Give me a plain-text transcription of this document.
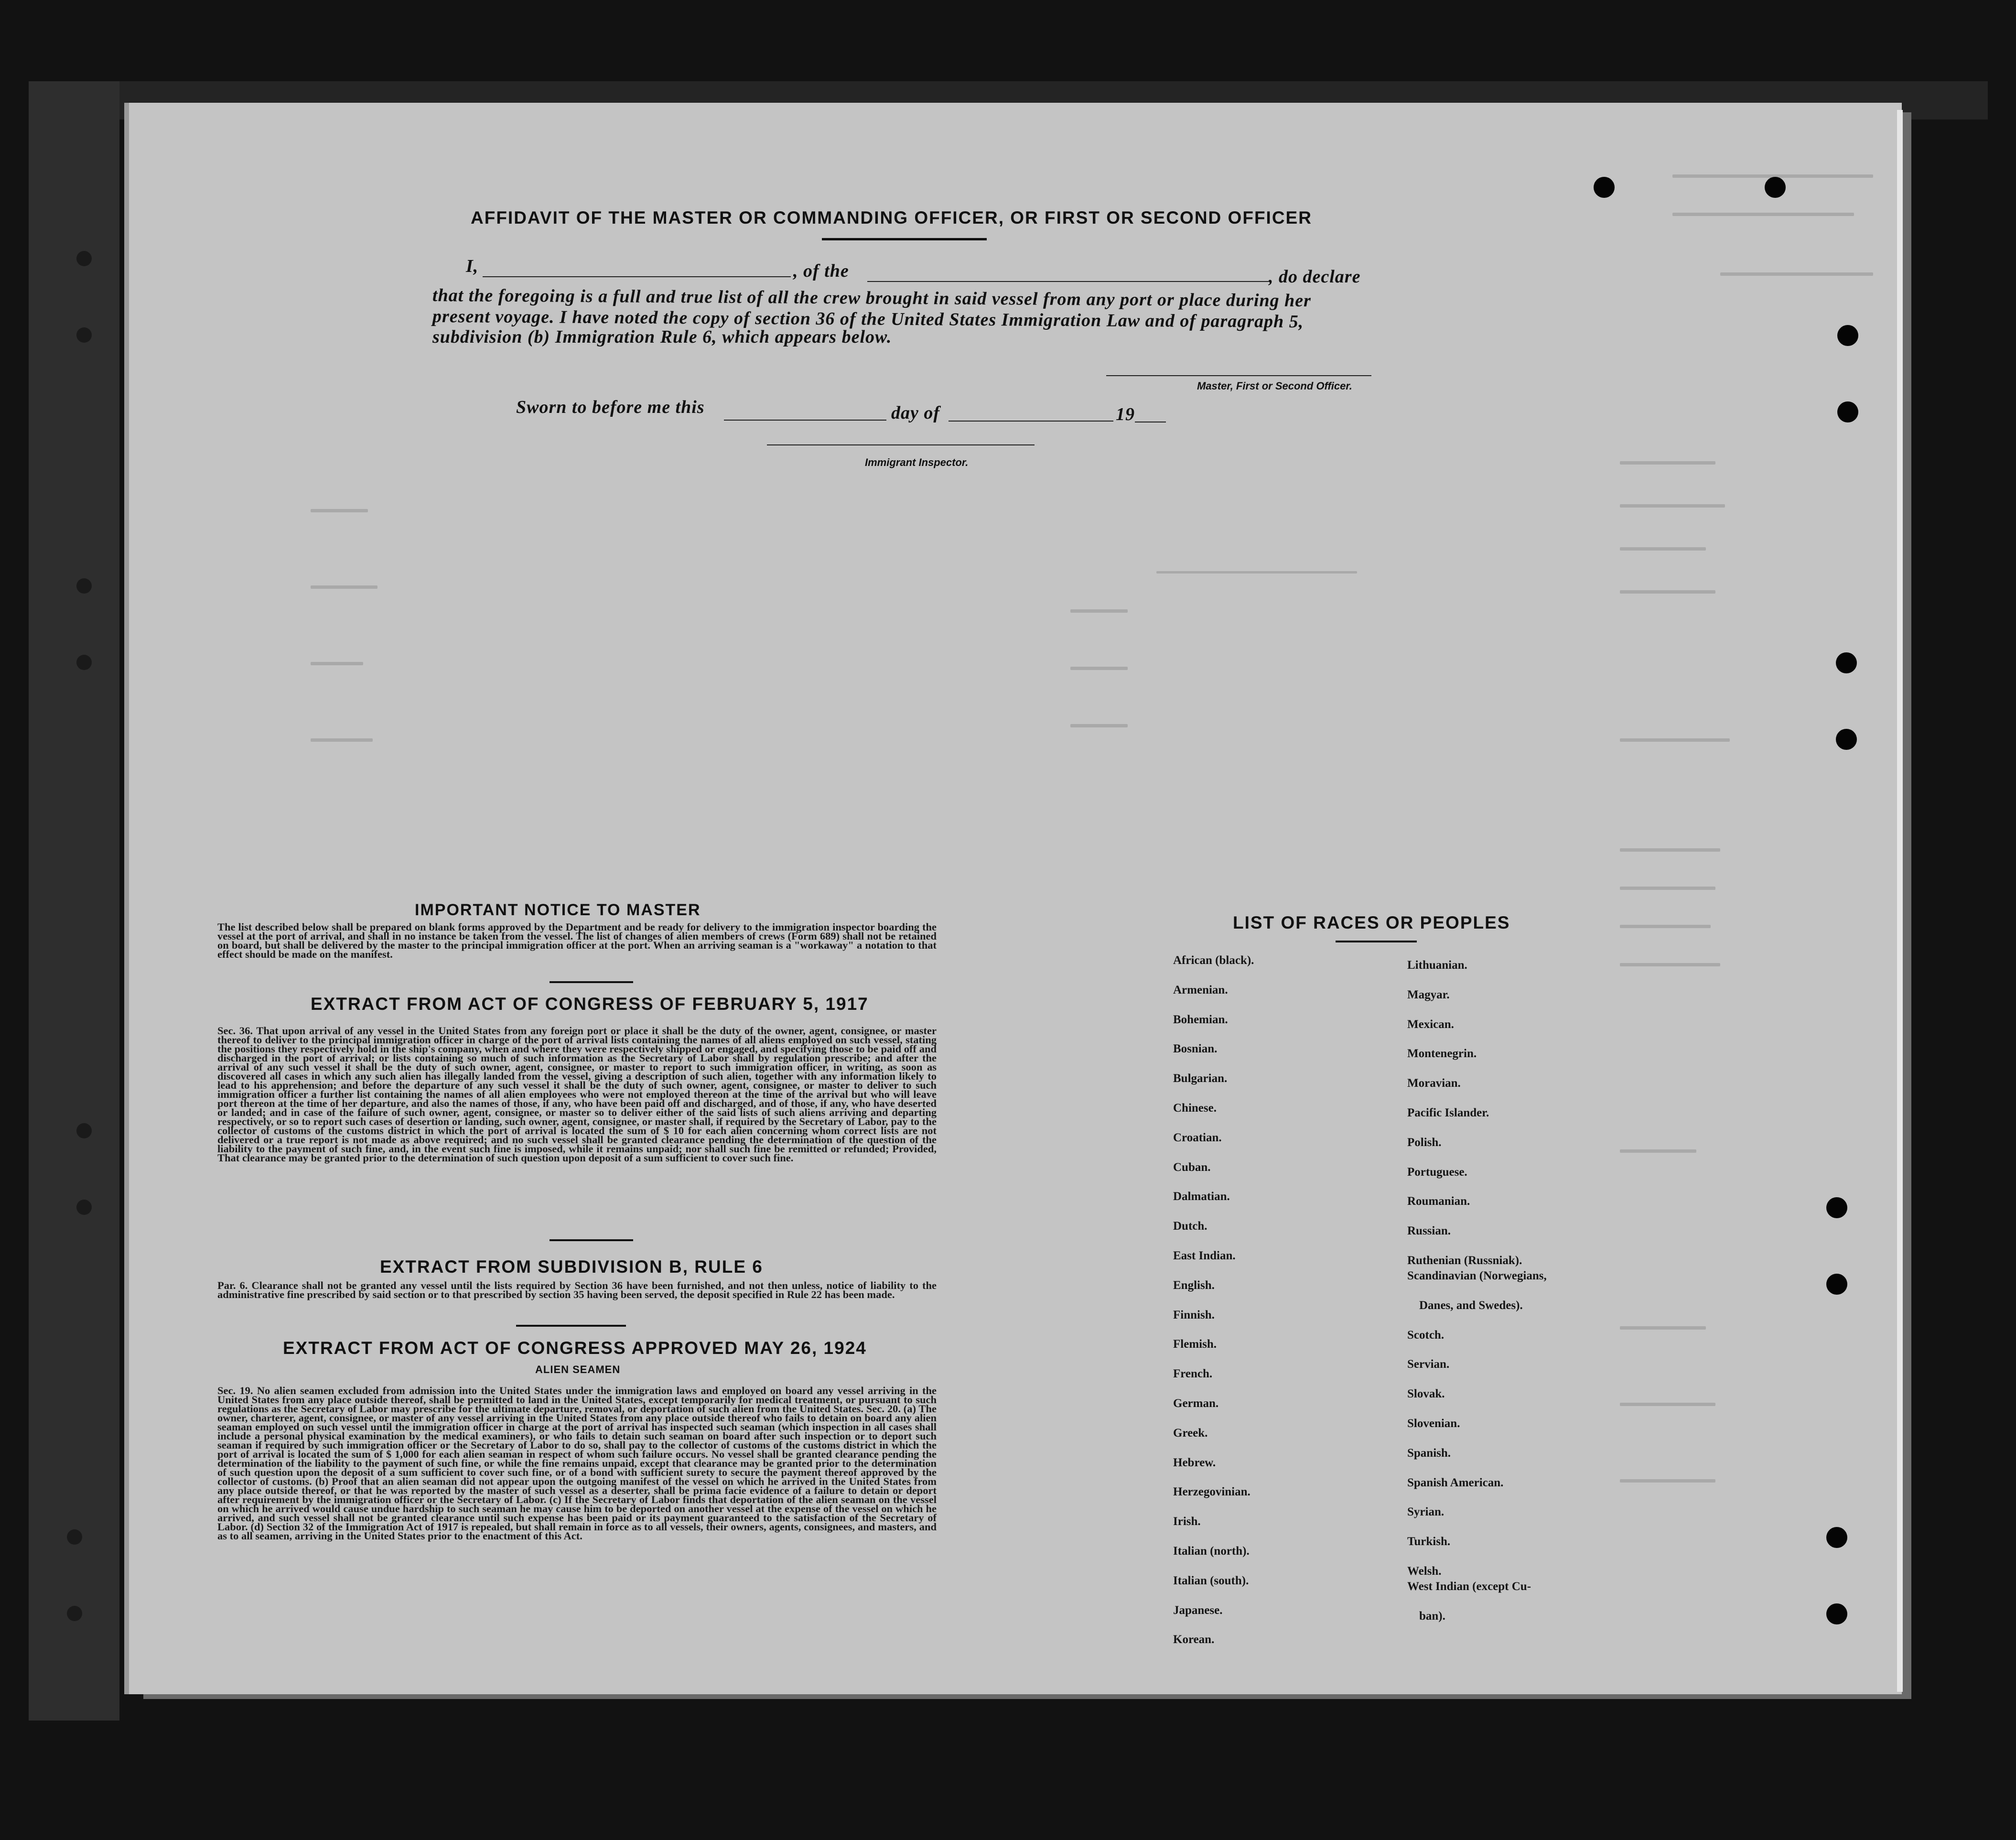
AFFIDAVIT OF THE MASTER OR COMMANDING OFFICER, OR FIRST OR SECOND OFFICER
I,	, of the	, do declare
that the foregoing is a full and true list of all the crew brought in said vessel from any port or place during her
present voyage. I have noted the copy of section 36 of the United States Immigration Law and of paragraph 5,
subdivision (b) Immigration Rule 6, which appears below.
Master, First or Second Officer.
Sworn to before me this	day of	19
Immigrant Inspector.
IMPORTANT NOTICE TO MASTER
The list described below shall be prepared on blank forms approved by the Department and be ready for delivery to the immigration inspector boarding the vessel at the port of arrival, and shall in no instance be taken from the vessel. The list of changes of alien members of crews (Form 689) shall not be retained on board, but shall be delivered by the master to the principal immigration officer at the port. When an arriving seaman is a "workaway" a notation to that effect should be made on the manifest.
EXTRACT FROM ACT OF CONGRESS OF FEBRUARY 5, 1917
Sec. 36. That upon arrival of any vessel in the United States from any foreign port or place it shall be the duty of the owner, agent, consignee, or master thereof to deliver to the principal immigration officer in charge of the port of arrival lists containing the names of all aliens employed on such vessel, stating the positions they respectively hold in the ship's company, when and where they were respectively shipped or engaged, and specifying those to be paid off and discharged in the port of arrival; or lists containing so much of such information as the Secretary of Labor shall by regulation prescribe; and after the arrival of any such vessel it shall be the duty of such owner, agent, consignee, or master to report to such immigration officer, in writing, as soon as discovered all cases in which any such alien has illegally landed from the vessel, giving a description of such alien, together with any information likely to lead to his apprehension; and before the departure of any such vessel it shall be the duty of such owner, agent, consignee, or master to deliver to such immigration officer a further list containing the names of all alien employees who were not employed thereon at the time of the arrival but who will leave port thereon at the time of her departure, and also the names of those, if any, who have been paid off and discharged, and of those, if any, who have deserted or landed; and in case of the failure of such owner, agent, consignee, or master so to deliver either of the said lists of such aliens arriving and departing respectively, or so to report such cases of desertion or landing, such owner, agent, consignee, or master shall, if required by the Secretary of Labor, pay to the collector of customs of the customs district in which the port of arrival is located the sum of $ 10 for each alien concerning whom correct lists are not delivered or a true report is not made as above required; and no such vessel shall be granted clearance pending the determination of the question of the liability to the payment of such fine, and, in the event such fine is imposed, while it remains unpaid; nor shall such fine be remitted or refunded; Provided, That clearance may be granted prior to the determination of such question upon deposit of a sum sufficient to cover such fine.
EXTRACT FROM SUBDIVISION B, RULE 6
Par. 6. Clearance shall not be granted any vessel until the lists required by Section 36 have been furnished, and not then unless, notice of liability to the administrative fine prescribed by said section or to that prescribed by section 35 having been served, the deposit specified in Rule 22 has been made.
EXTRACT FROM ACT OF CONGRESS APPROVED MAY 26, 1924
ALIEN SEAMEN
Sec. 19. No alien seamen excluded from admission into the United States under the immigration laws and employed on board any vessel arriving in the United States from any place outside thereof, shall be permitted to land in the United States, except temporarily for medical treatment, or pursuant to such regulations as the Secretary of Labor may prescribe for the ultimate departure, removal, or deportation of such alien from the United States. Sec. 20. (a) The owner, charterer, agent, consignee, or master of any vessel arriving in the United States from any place outside thereof who fails to detain on board any alien seaman employed on such vessel until the immigration officer in charge at the port of arrival has inspected such seaman (which inspection in all cases shall include a personal physical examination by the medical examiners), or who fails to detain such seaman on board after such inspection or to deport such seaman if required by such immigration officer or the Secretary of Labor to do so, shall pay to the collector of customs of the customs district in which the port of arrival is located the sum of $ 1,000 for each alien seaman in respect of whom such failure occurs. No vessel shall be granted clearance pending the determination of the liability to the payment of such fine, or while the fine remains unpaid, except that clearance may be granted prior to the determination of such question upon the deposit of a sum sufficient to cover such fine, or of a bond with sufficient surety to secure the payment thereof approved by the collector of customs. (b) Proof that an alien seaman did not appear upon the outgoing manifest of the vessel on which he arrived in the United States from any place outside thereof, or that he was reported by the master of such vessel as a deserter, shall be prima facie evidence of a failure to detain or deport after requirement by the immigration officer or the Secretary of Labor. (c) If the Secretary of Labor finds that deportation of the alien seaman on the vessel on which he arrived would cause undue hardship to such seaman he may cause him to be deported on another vessel at the expense of the vessel on which he arrived, and such vessel shall not be granted clearance until such expense has been paid or its payment guaranteed to the satisfaction of the Secretary of Labor. (d) Section 32 of the Immigration Act of 1917 is repealed, but shall remain in force as to all vessels, their owners, agents, consignees, and masters, and as to all seamen, arriving in the United States prior to the enactment of this Act.
LIST OF RACES OR PEOPLES
African (black).
Armenian.
Bohemian.
Bosnian.
Bulgarian.
Chinese.
Croatian.
Cuban.
Dalmatian.
Dutch.
East Indian.
English.
Finnish.
Flemish.
French.
German.
Greek.
Hebrew.
Herzegovinian.
Irish.
Italian (north).
Italian (south).
Japanese.
Korean.
Lithuanian.
Magyar.
Mexican.
Montenegrin.
Moravian.
Pacific Islander.
Polish.
Portuguese.
Roumanian.
Russian.
Ruthenian (Russniak).
Scandinavian (Norwegians,
Danes, and Swedes).
Scotch.
Servian.
Slovak.
Slovenian.
Spanish.
Spanish American.
Syrian.
Turkish.
Welsh.
West Indian (except Cu-
ban).
